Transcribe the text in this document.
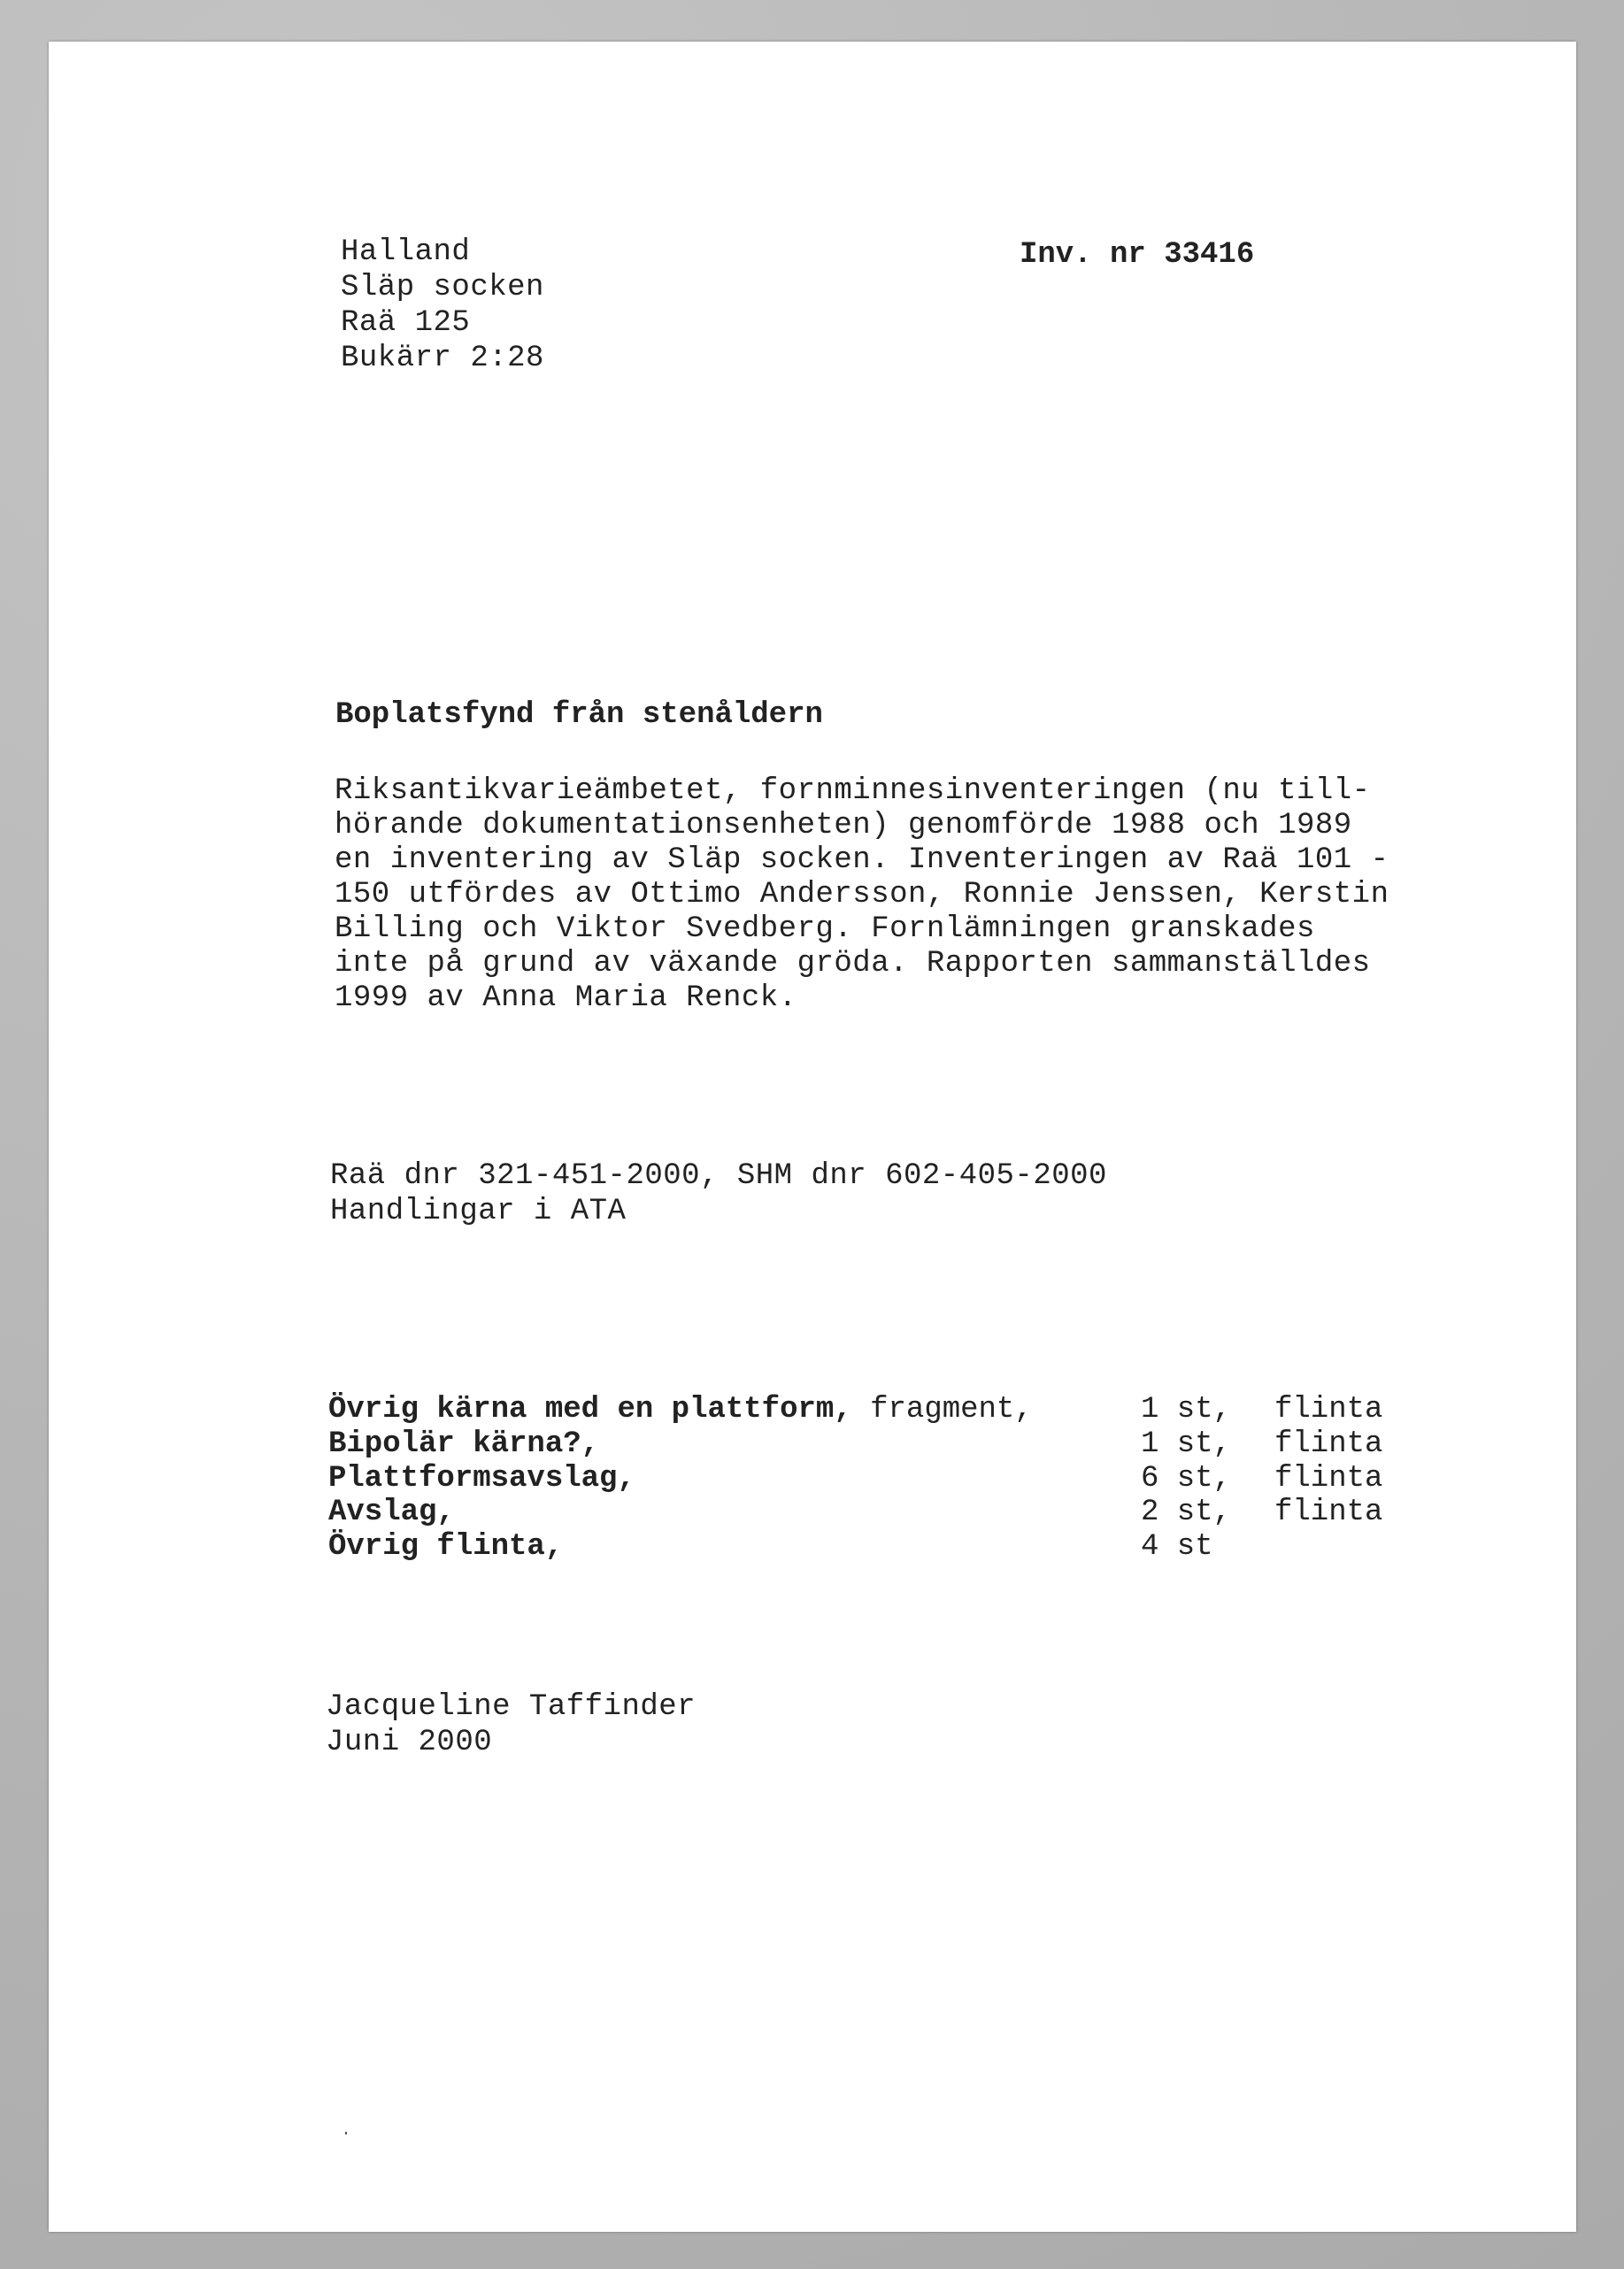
Halland
Släp socken
Raä 125
Bukärr 2:28
Inv. nr 33416
Boplatsfynd från stenåldern
Riksantikvarieämbetet, fornminnesinventeringen (nu till-
hörande dokumentationsenheten) genomförde 1988 och 1989
en inventering av Släp socken. Inventeringen av Raä 101 -
150 utfördes av Ottimo Andersson, Ronnie Jenssen, Kerstin
Billing och Viktor Svedberg. Fornlämningen granskades
inte på grund av växande gröda. Rapporten sammanställdes
1999 av Anna Maria Renck.
Raä dnr 321-451-2000, SHM dnr 602-405-2000
Handlingar i ATA
Övrig kärna med en plattform, fragment,	1 st, flinta
Bipolär kärna?,	1 st, flinta
Plattformsavslag,	6 st, flinta
Avslag,	2 st, flinta
Övrig flinta,	4 st
Jacqueline Taffinder
Juni 2000
